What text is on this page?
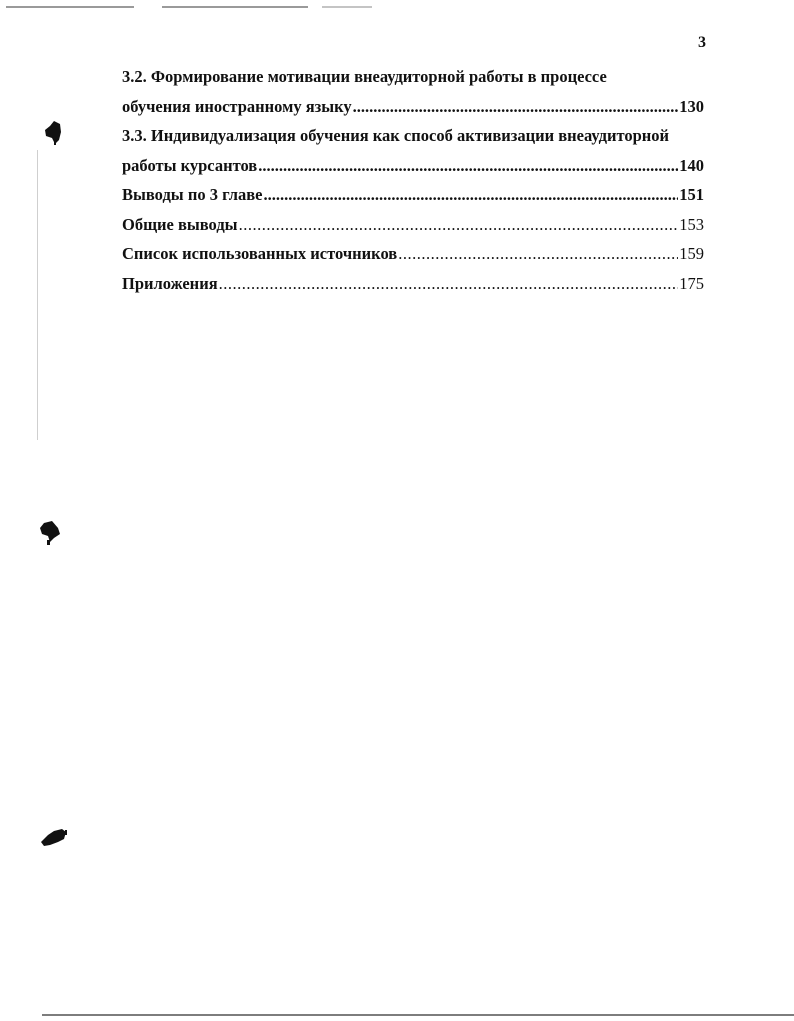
3
3.2. Формирование мотивации внеаудиторной работы в процессе
обучения иностранному языку .....	130
3.3. Индивидуализация обучения как способ активизации внеаудиторной
работы курсантов .....	140
Выводы по 3 главе .....	151
Общие выводы .....	153
Список использованных источников .....	159
Приложения .....	175
